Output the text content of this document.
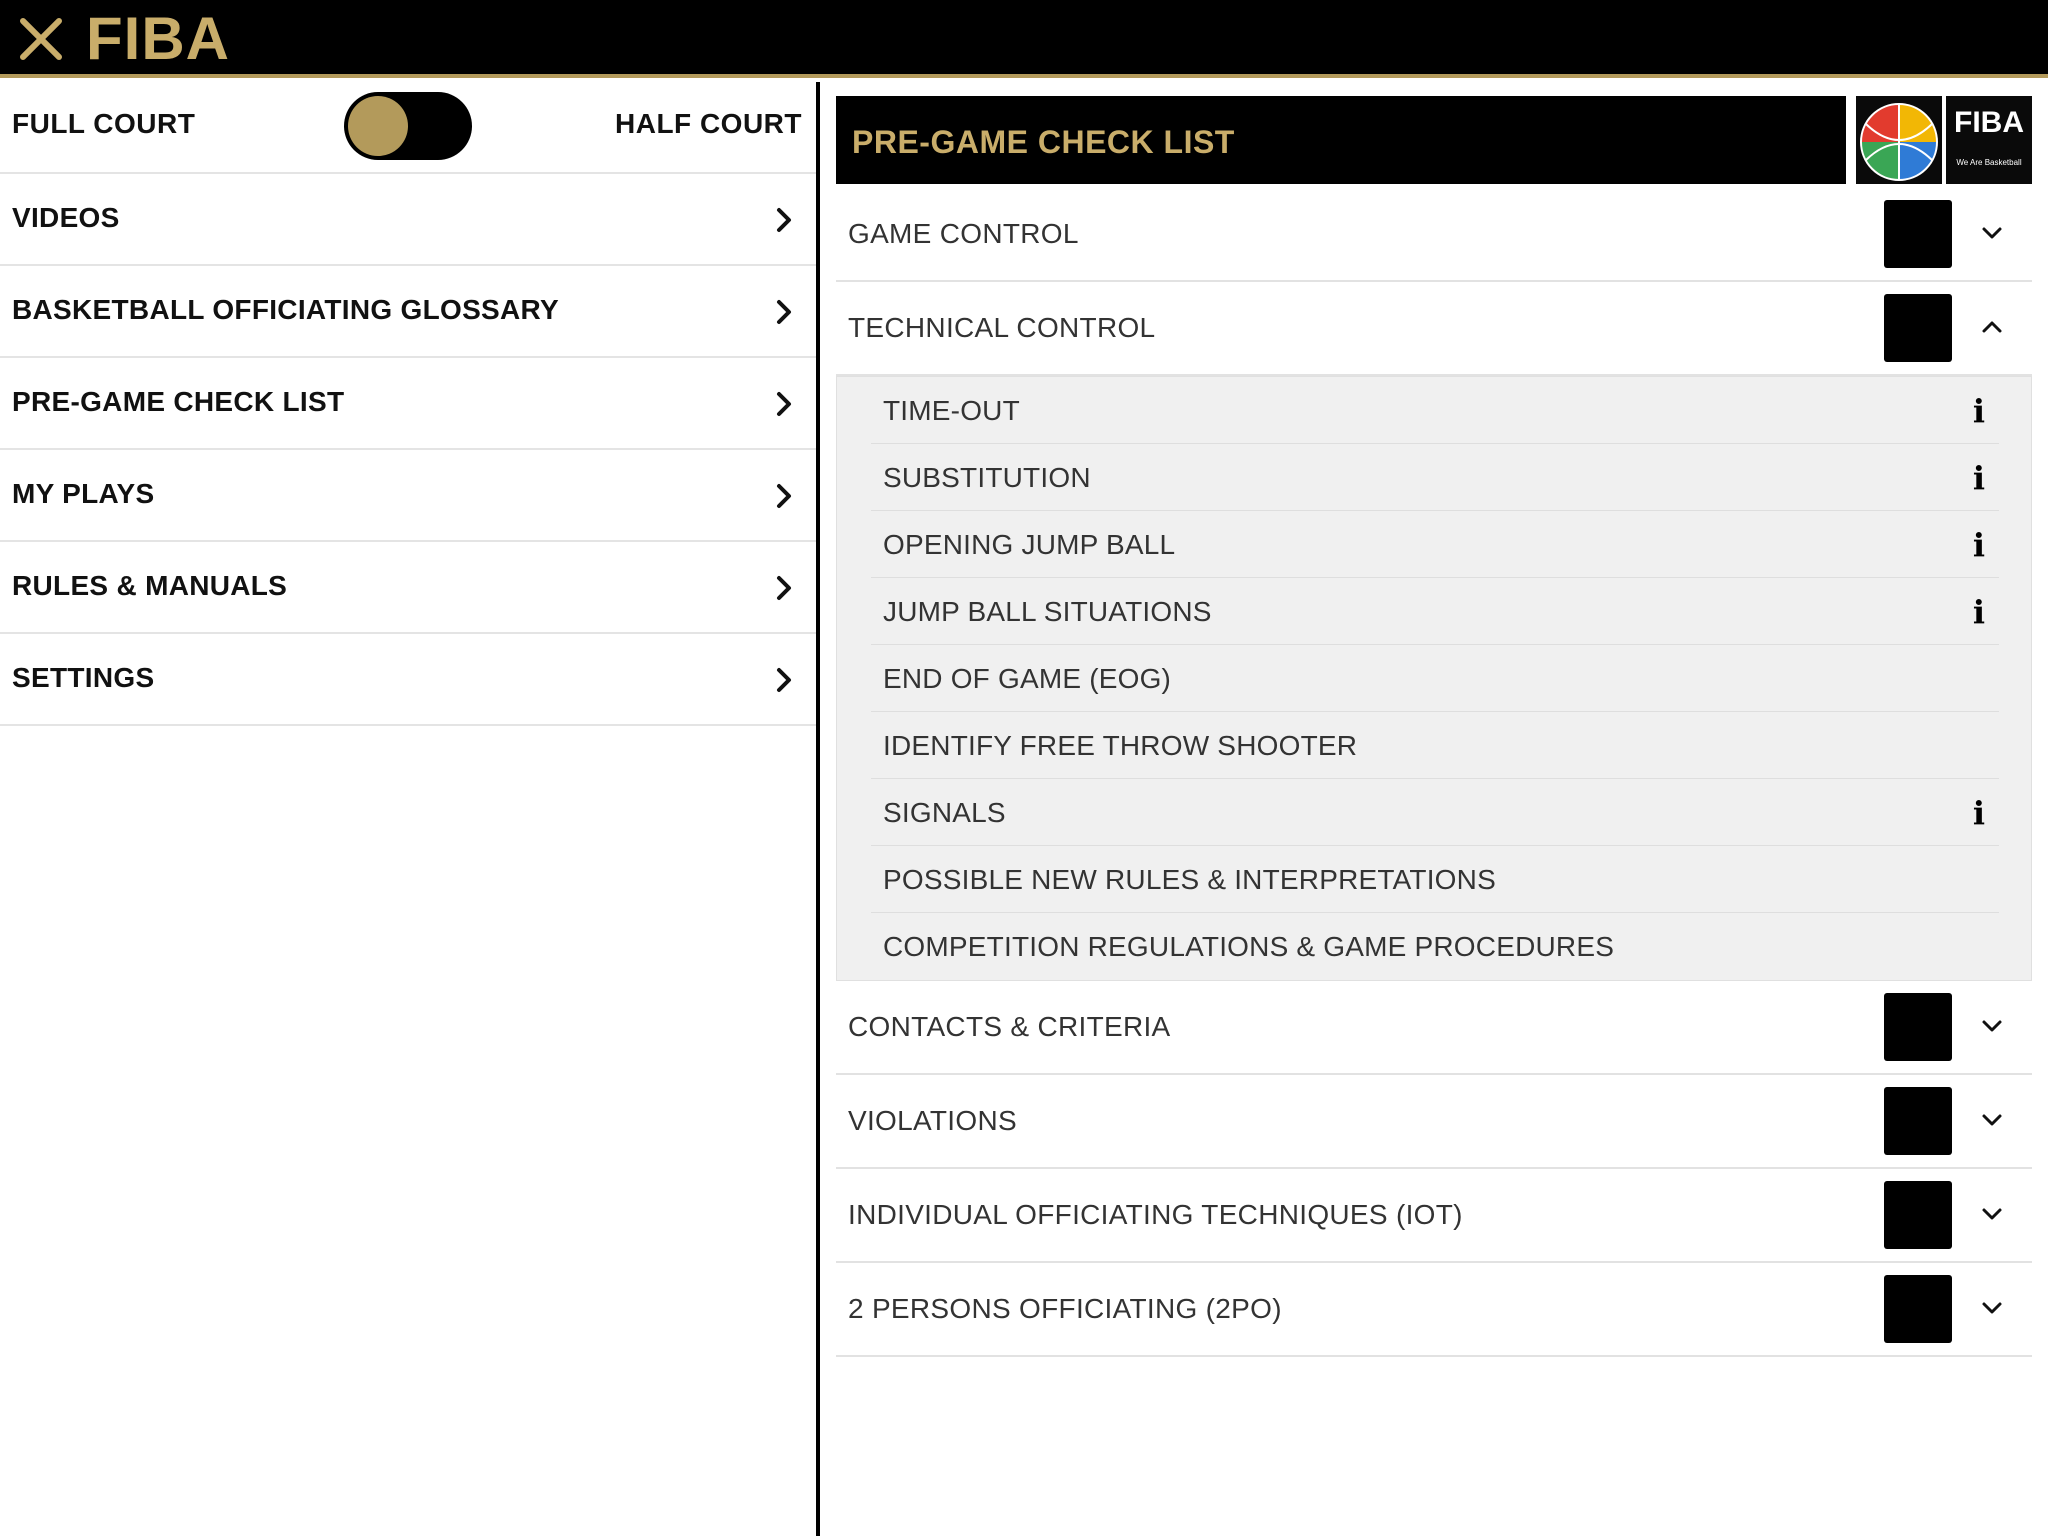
FIBA
FULL COURT	HALF COURT
VIDEOS
BASKETBALL OFFICIATING GLOSSARY
PRE-GAME CHECK LIST
MY PLAYS
RULES & MANUALS
SETTINGS
PRE-GAME CHECK LIST
FIBA
We Are Basketball
GAME CONTROL
TECHNICAL CONTROL
TIME-OUT	i
SUBSTITUTION	i
OPENING JUMP BALL	i
JUMP BALL SITUATIONS	i
END OF GAME (EOG)
IDENTIFY FREE THROW SHOOTER
SIGNALS	i
POSSIBLE NEW RULES & INTERPRETATIONS
COMPETITION REGULATIONS & GAME PROCEDURES
CONTACTS & CRITERIA
VIOLATIONS
INDIVIDUAL OFFICIATING TECHNIQUES (IOT)
2 PERSONS OFFICIATING (2PO)
